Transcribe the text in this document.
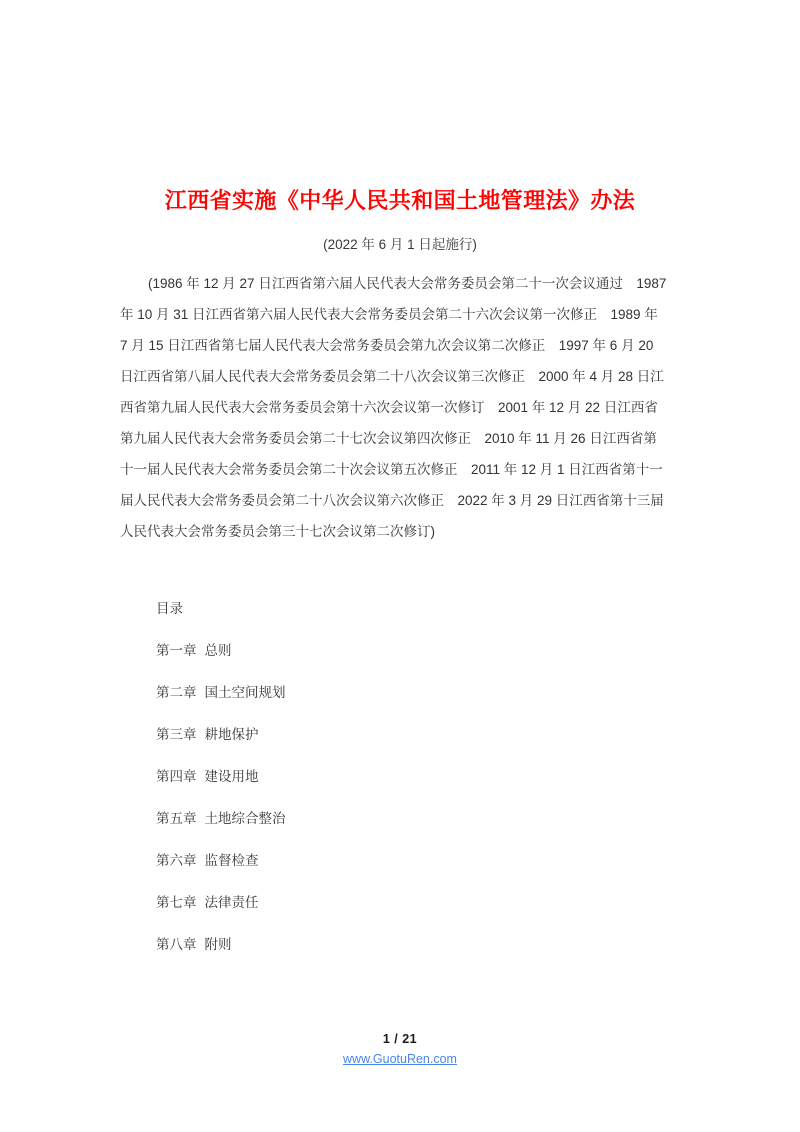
江西省实施《中华人民共和国土地管理法》办法
(2022 年 6 月 1 日起施行)
(1986 年 12 月 27 日江西省第六届人民代表大会常务委员会第二十一次会议通过　1987
年 10 月 31 日江西省第六届人民代表大会常务委员会第二十六次会议第一次修正　1989 年
7 月 15 日江西省第七届人民代表大会常务委员会第九次会议第二次修正　1997 年 6 月 20
日江西省第八届人民代表大会常务委员会第二十八次会议第三次修正　2000 年 4 月 28 日江
西省第九届人民代表大会常务委员会第十六次会议第一次修订　2001 年 12 月 22 日江西省
第九届人民代表大会常务委员会第二十七次会议第四次修正　2010 年 11 月 26 日江西省第
十一届人民代表大会常务委员会第二十次会议第五次修正　2011 年 12 月 1 日江西省第十一
届人民代表大会常务委员会第二十八次会议第六次修正　2022 年 3 月 29 日江西省第十三届
人民代表大会常务委员会第三十七次会议第二次修订)
目录
第一章 总则
第二章 国土空间规划
第三章 耕地保护
第四章 建设用地
第五章 土地综合整治
第六章 监督检查
第七章 法律责任
第八章 附则
1 / 21
www.GuotuRen.com
